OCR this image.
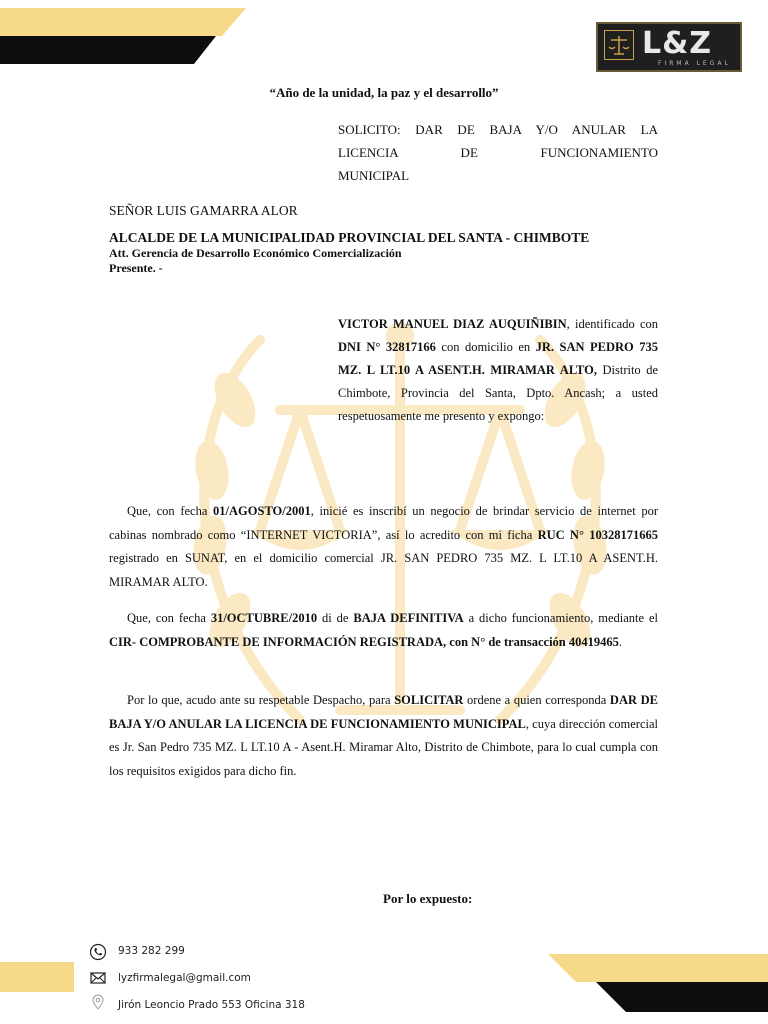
L&Z
FIRMA LEGAL
“Año de la unidad, la paz y el desarrollo”
SOLICITO: DAR DE BAJA Y/O ANULAR LA
LICENCIA DE FUNCIONAMIENTO
MUNICIPAL
SEÑOR LUIS GAMARRA ALOR
ALCALDE DE LA MUNICIPALIDAD PROVINCIAL DEL SANTA - CHIMBOTE
Att. Gerencia de Desarrollo Económico Comercialización
Presente. -
VICTOR MANUEL DIAZ AUQUIÑIBIN, identificado con DNI N° 32817166 con domicilio en JR. SAN PEDRO 735 MZ. L LT.10 A ASENT.H. MIRAMAR ALTO, Distrito de Chimbote, Provincia del Santa, Dpto. Ancash; a usted respetuosamente me presento y expongo:
Que, con fecha 01/AGOSTO/2001, inicié es inscribí un negocio de brindar servicio de internet por cabinas nombrado como “INTERNET VICTORIA”, así lo acredito con mi ficha RUC N° 10328171665 registrado en SUNAT, en el domicilio comercial JR. SAN PEDRO 735 MZ. L LT.10 A ASENT.H. MIRAMAR ALTO.
Que, con fecha 31/OCTUBRE/2010 di de BAJA DEFINITIVA a dicho funcionamiento, mediante el CIR- COMPROBANTE DE INFORMACIÓN REGISTRADA, con N° de transacción 40419465.
Por lo que, acudo ante su respetable Despacho, para SOLICITAR ordene a quien corresponda DAR DE BAJA Y/O ANULAR LA LICENCIA DE FUNCIONAMIENTO MUNICIPAL, cuya dirección comercial es Jr. San Pedro 735 MZ. L LT.10 A - Asent.H. Miramar Alto, Distrito de Chimbote, para lo cual cumpla con los requisitos exigidos para dicho fin.
Por lo expuesto:
933 282 299
lyzfirmalegal@gmail.com
Jirón Leoncio Prado 553 Oficina 318
